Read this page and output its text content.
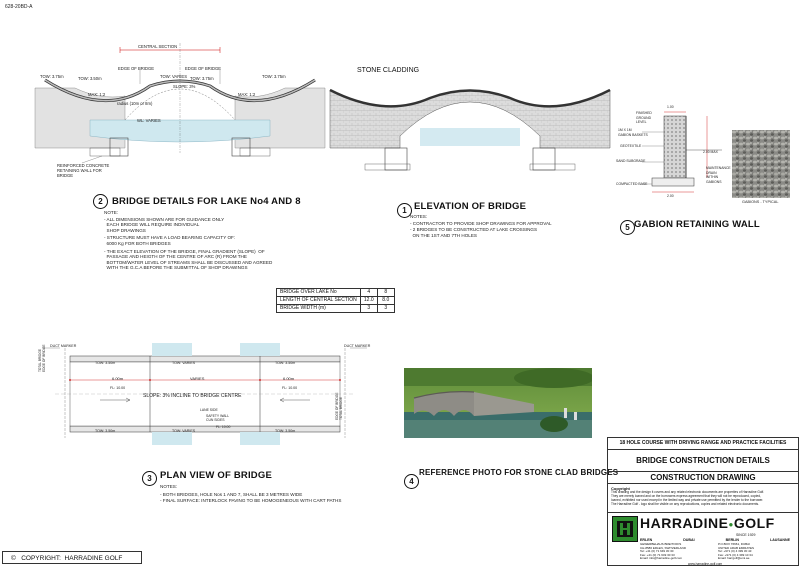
628-20BD-A
CENTRAL SECTION
EDGE OF BRIDGE	EDGE OF BRIDGE
TOW: 3.75m	TOW: 3.50m	TOW: VARIES TOW: 3.75m	TOW: 3.75m
SLOPE: 3%
MAX: 1:2	MAX: 1:2
radius (10m or 8m)
WL: VARIES
REINFORCED CONCRETE
RETAINING WALL FOR
BRIDGE
2 BRIDGE DETAILS FOR LAKE No4 AND 8
NOTE:
- ALL DIMENSIONS SHOWN ARE FOR GUIDANCE ONLY
EACH BRIDGE WILL REQUIRE INDIVIDUAL
SHOP DRAWINGS
- STRUCTURE MUST HAVE A LOAD BEARING CAPACITY OF:
6000 Kg FOR BOTH BRIDGES
- THE EXACT ELEVATION OF THE BRIDGE, FINAL GRADIENT (SLOPE)  OF
PASSAGE AND HEIGTH OF THE CENTRE OF ARC (R) FROM THE
BOTTOM/WATER LEVEL OF STREAMS SHALL BE DISCUSSED AND AGREED
WITH THE G.C.A BEFORE THE SUBMITTAL OF SHOP DRAWINGS
STONE CLADDING
1 ELEVATION OF BRIDGE
NOTES:
- CONTRACTOR TO PROVIDE SHOP DRAWINGS FOR APPROVAL
- 2 BRIDGES TO BE CONSTRUCTED AT LAKE CROSSINGS
ON THE 1ST AND 7TH HOLES
FINISHED
GROUND
LEVEL
1M X 1M
GABION BASKETS
GEOTEXTILE
SAND SUBGRADE
COMPACTED BASE
1.00
2.00
2.00 MAX
MAINTENANCE
DRAIN
WITHIN
GABIONS
GABIONS - TYPICAL
5 GABION RETAINING WALL
BRIDGE OVER LAKE No	4	8
LENGTH OF CENTRAL SECTION	12.0	8.0
BRIDGE WIDTH (m)	3	3
DUCT MARKER	DUCT MARKER
TOW: 3.50m	TOW: VARIES	TOW: 3.50m
6.00m	VARIES	6.00m
FL: 10.00	FL: 10.00
SLOPE: 3% INCLINE TO BRIDGE CENTRE
LANE SIDE
SAFETY WALL
CUN SIDES
FL: 10.00
TOW: 3.50m	TOW: VARIES	TOW: 3.50m
TOTAL BRIDGE
EDGE OF BRIDGE
EDGE OF BRIDGE
TOTAL BRIDGE
3 PLAN VIEW OF BRIDGE
NOTES:
- BOTH BRIDGES, HOLE Nos 1 AND 7, SHALL BE 3 METRES WIDE
- FINAL SURFACE: INTERLOCK PAVING TO BE HOMOGENEOUS WITH CART PATHS
4
REFERENCE PHOTO FOR STONE CLAD BRIDGES
18 HOLE COURSE WITH DRIVING RANGE AND PRACTICE FACILITIES
BRIDGE CONSTRUCTION DETAILS
CONSTRUCTION DRAWING
Copyright
This drawing and the design it covers and any related electronic documents are properties of Harradine Golf.
They are merely loaned and on the borrowers express agreement that they will not be reproduced, copied,
loaned, exhibited nor used except in the limited way and private use permitted by the lender to the borrower.
The Harradine Golf - logo shall be visible on any reproductions, copies and related electronic documents.
HARRADINE●GOLF
SINCE 1929
ERLEN	DUBAI	BERLIN	LAUSANNE
GEWERBEHAUS BREITOFFS
CH-8586 ERLEN, SWITZERLAND
Tel: +41 (0) 71 649 30 30
Fax: +41 (0) 71 649 30 33
Email: info@harradine-golf.com
P.O.BOX 76661, DUBAI
UNITED ARAB EMIRATES
Tel: +971 (0) 4 399 30 43
Fax: +971 (0) 4 399 10 34
Email: harrgolf@emi.ae
www.harradine-golf.com
©   COPYRIGHT:  HARRADINE GOLF
